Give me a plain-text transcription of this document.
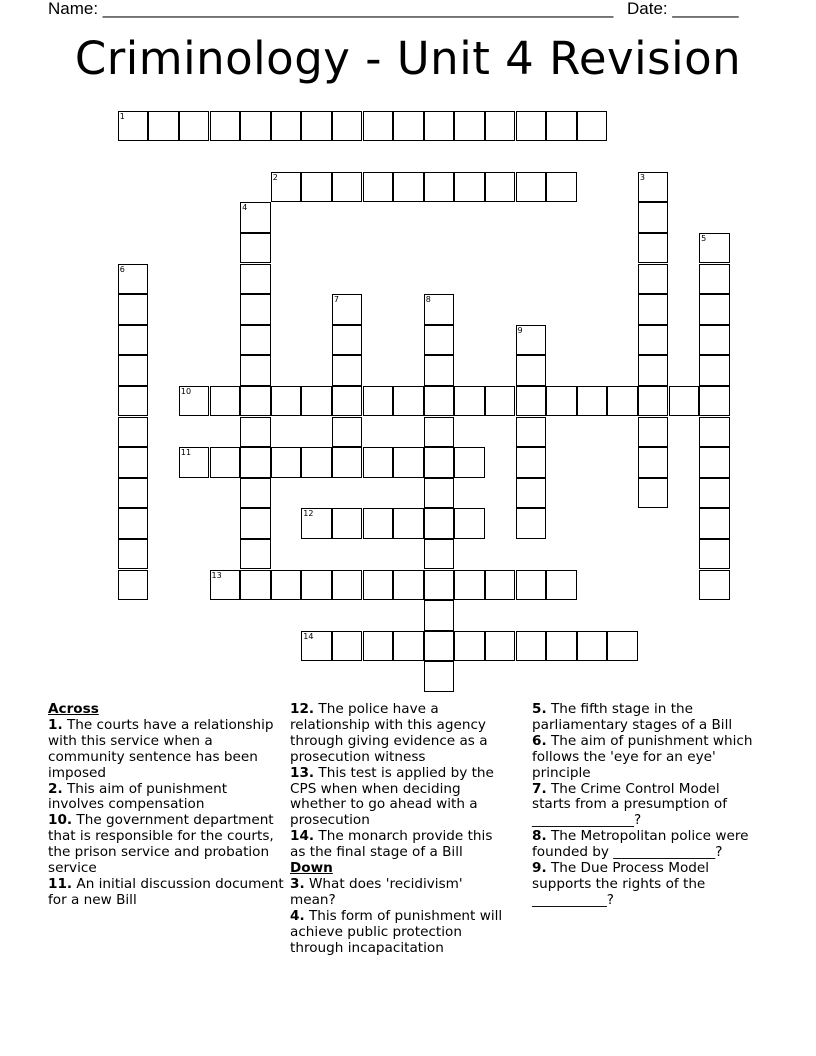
Name: ______________________________________________________ Date: _______
Criminology - Unit 4 Revision
1
2	3
4
5
6
7	8
9
10
11
12
13
14
Across
1. The courts have a relationship with this service when a community sentence has been imposed
2. This aim of punishment involves compensation
10. The government department that is responsible for the courts, the prison service and probation service
11. An initial discussion document for a new Bill
12. The police have a relationship with this agency through giving evidence as a prosecution witness
13. This test is applied by the CPS when when deciding whether to go ahead with a prosecution
14. The monarch provide this as the final stage of a Bill
Down
3. What does 'recidivism' mean?
4. This form of punishment will achieve public protection through incapacitation
5. The fifth stage in the parliamentary stages of a Bill
6. The aim of punishment which follows the 'eye for an eye' principle
7. The Crime Control Model starts from a presumption of _______________?
8. The Metropolitan police were founded by _______________?
9. The Due Process Model supports the rights of the ___________?
